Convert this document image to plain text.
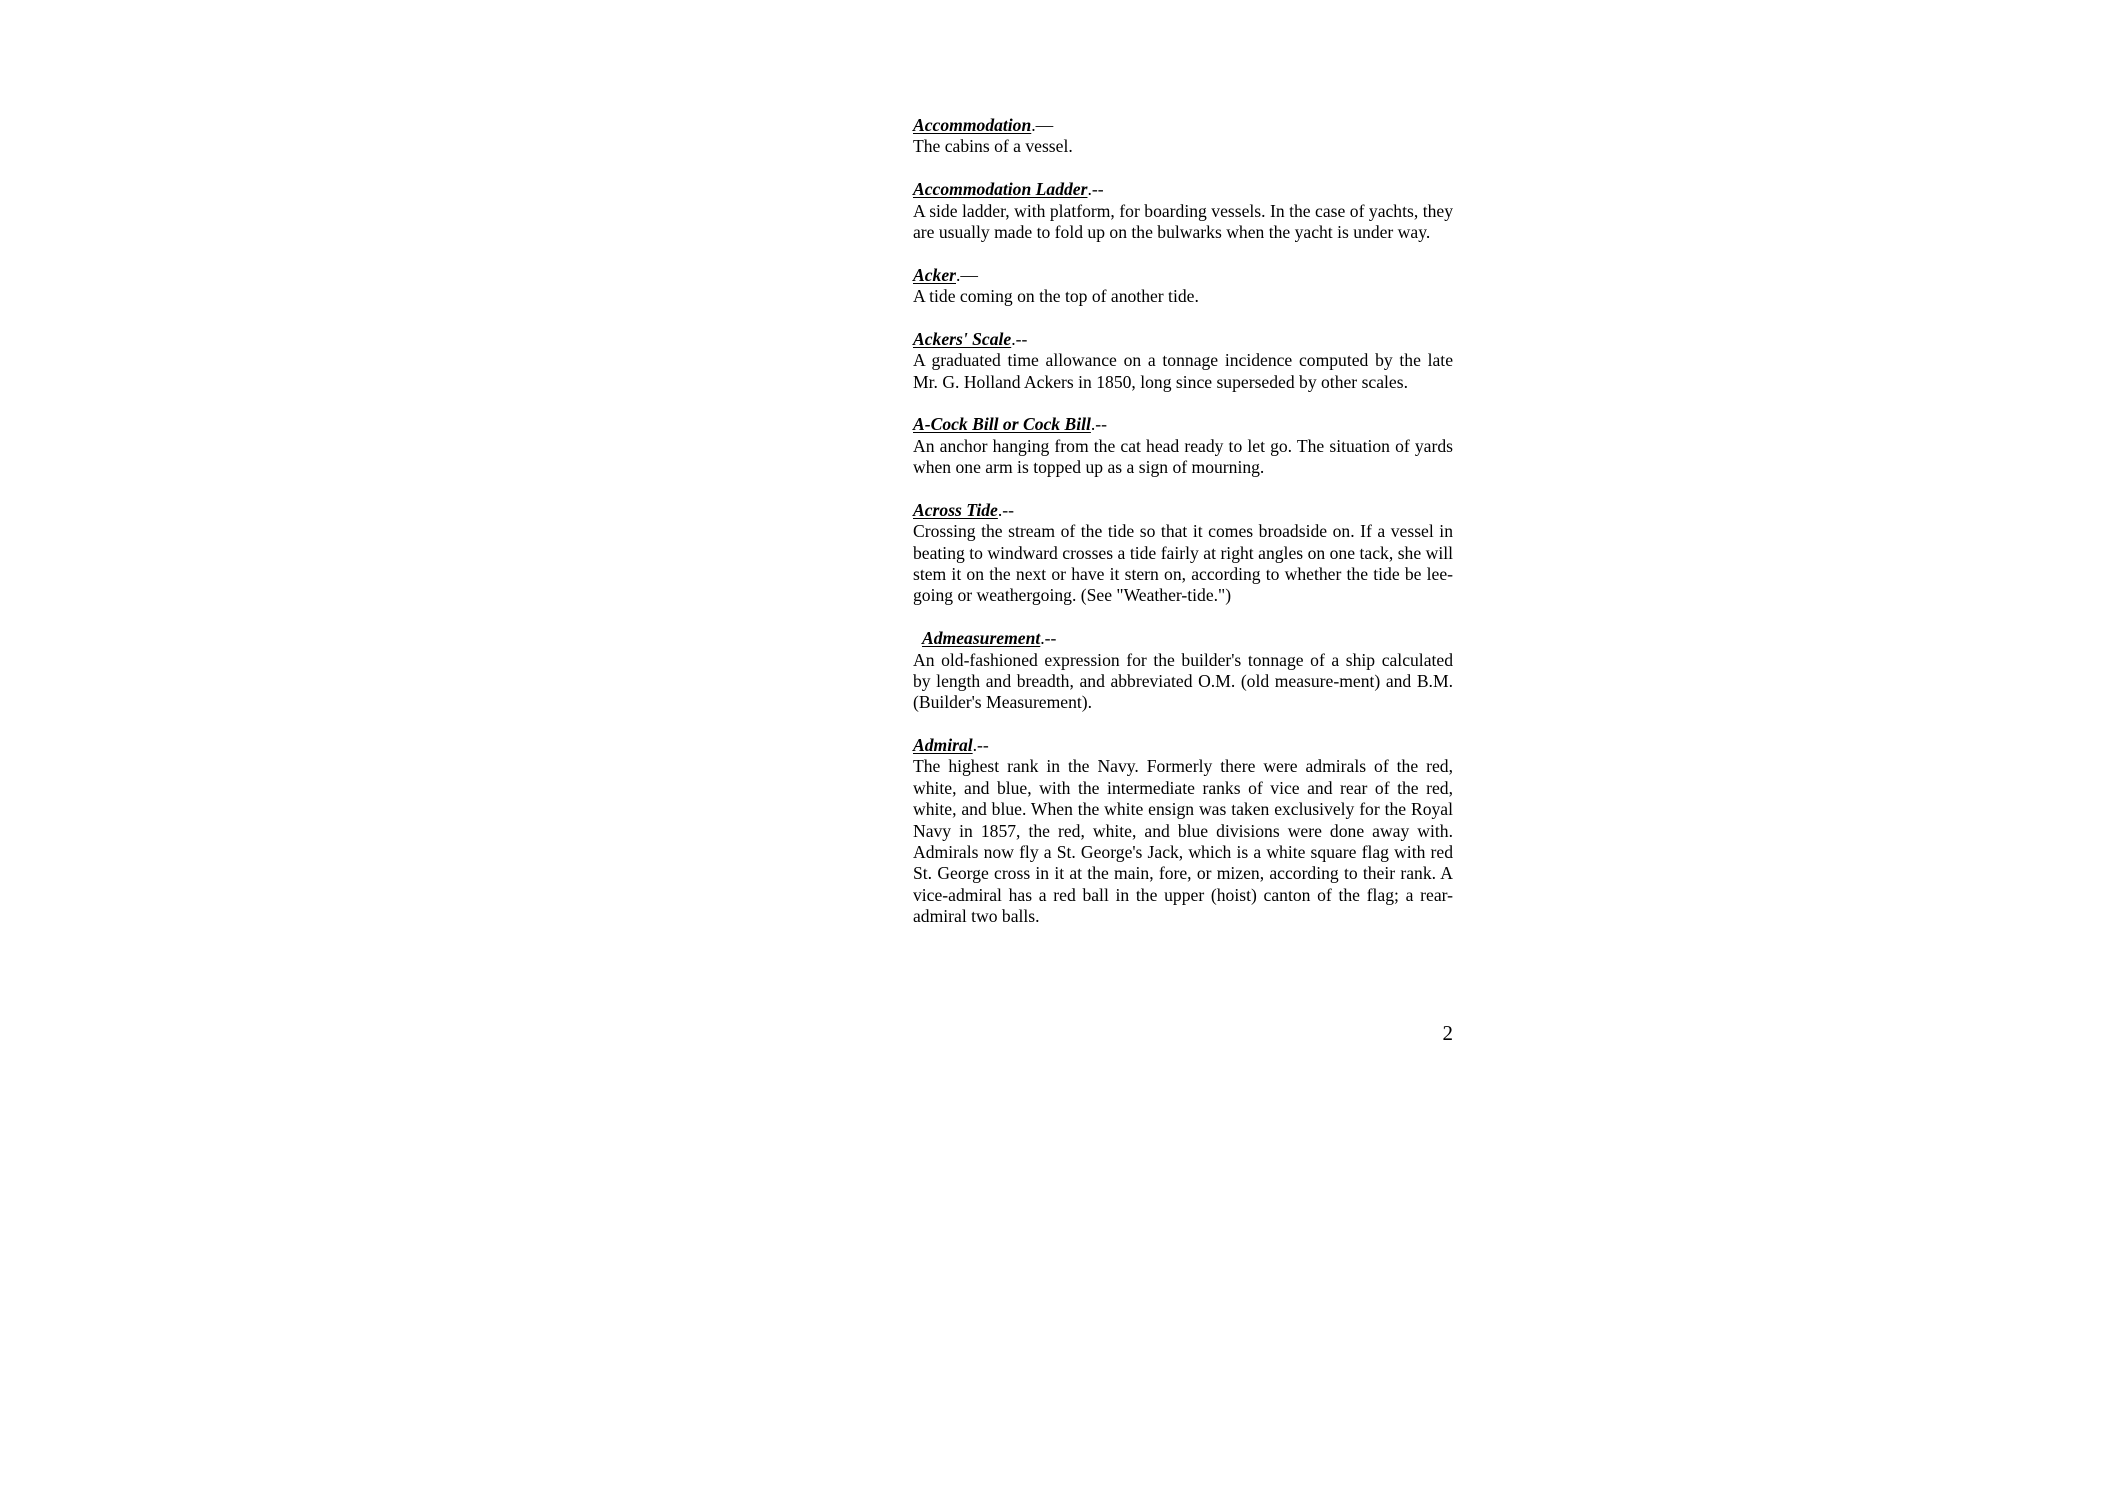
Accommodation.—

The cabins of a vessel.

Accommodation Ladder.--

A side ladder, with platform, for boarding vessels. In the case of yachts, they are usually made to fold up on the bulwarks when the yacht is under way.

Acker.—

A tide coming on the top of another tide.

Ackers' Scale.--

A graduated time allowance on a tonnage incidence computed by the late Mr. G. Holland Ackers in 1850, long since superseded by other scales.

A-Cock Bill or Cock Bill.--

An anchor hanging from the cat head ready to let go. The situation of yards when one arm is topped up as a sign of mourning.

Across Tide.--

Crossing the stream of the tide so that it comes broadside on. If a vessel in beating to windward crosses a tide fairly at right angles on one tack, she will stem it on the next or have it stern on, according to whether the tide be lee-going or weathergoing. (See "Weather-tide.")

Admeasurement.--

An old-fashioned expression for the builder's tonnage of a ship calculated by length and breadth, and abbreviated O.M. (old measure-ment) and B.M. (Builder's Measurement).

Admiral.--

The highest rank in the Navy. Formerly there were admirals of the red, white, and blue, with the intermediate ranks of vice and rear of the red, white, and blue. When the white ensign was taken exclusively for the Royal Navy in 1857, the red, white, and blue divisions were done away with. Admirals now fly a St. George's Jack, which is a white square flag with red St. George cross in it at the main, fore, or mizen, according to their rank. A vice-admiral has a red ball in the upper (hoist) canton of the flag; a rear-admiral two balls.

2
